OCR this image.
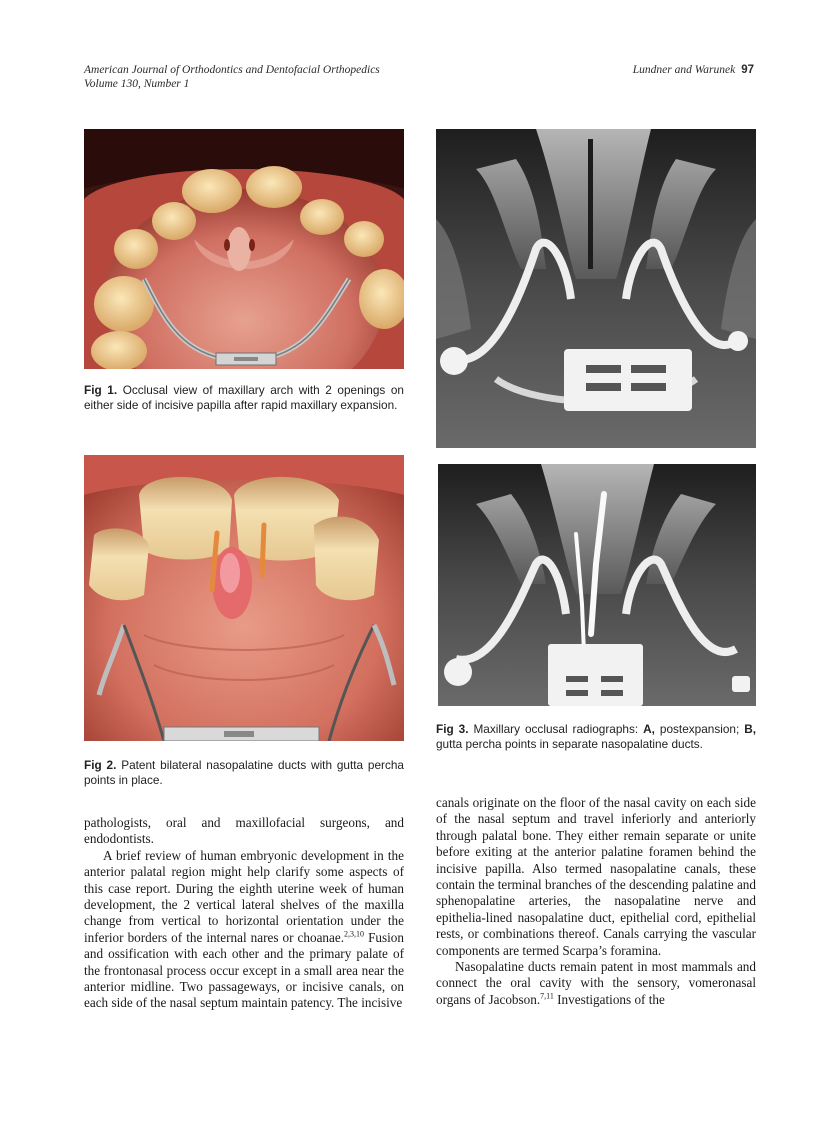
American Journal of Orthodontics and Dentofacial Orthopedics
Volume 130, Number 1
Lundner and Warunek 97
Fig 1. Occlusal view of maxillary arch with 2 openings on either side of incisive papilla after rapid maxillary expansion.
Fig 2. Patent bilateral nasopalatine ducts with gutta percha points in place.
Fig 3. Maxillary occlusal radiographs: A, postexpansion; B, gutta percha points in separate nasopalatine ducts.

pathologists, oral and maxillofacial surgeons, and endodontists.

A brief review of human embryonic development in the anterior palatal region might help clarify some aspects of this case report. During the eighth uterine week of human development, the 2 vertical lateral shelves of the maxilla change from vertical to horizontal orientation under the inferior borders of the internal nares or choanae.$^{2,3,10}$ Fusion and ossification with each other and the primary palate of the frontonasal process occur except in a small area near the anterior midline. Two passageways, or incisive canals, on each side of the nasal septum maintain patency. The incisive

canals originate on the floor of the nasal cavity on each side of the nasal septum and travel inferiorly and anteriorly through palatal bone. They either remain separate or unite before exiting at the anterior palatine foramen behind the incisive papilla. Also termed nasopalatine canals, these contain the terminal branches of the descending palatine and sphenopalatine arteries, the nasopalatine nerve and epithelia-lined nasopalatine duct, epithelial cord, epithelial rests, or combinations thereof. Canals carrying the vascular components are termed Scarpa’s foramina.

Nasopalatine ducts remain patent in most mammals and connect the oral cavity with the sensory, vomeronasal organs of Jacobson.$^{7,11}$ Investigations of the
